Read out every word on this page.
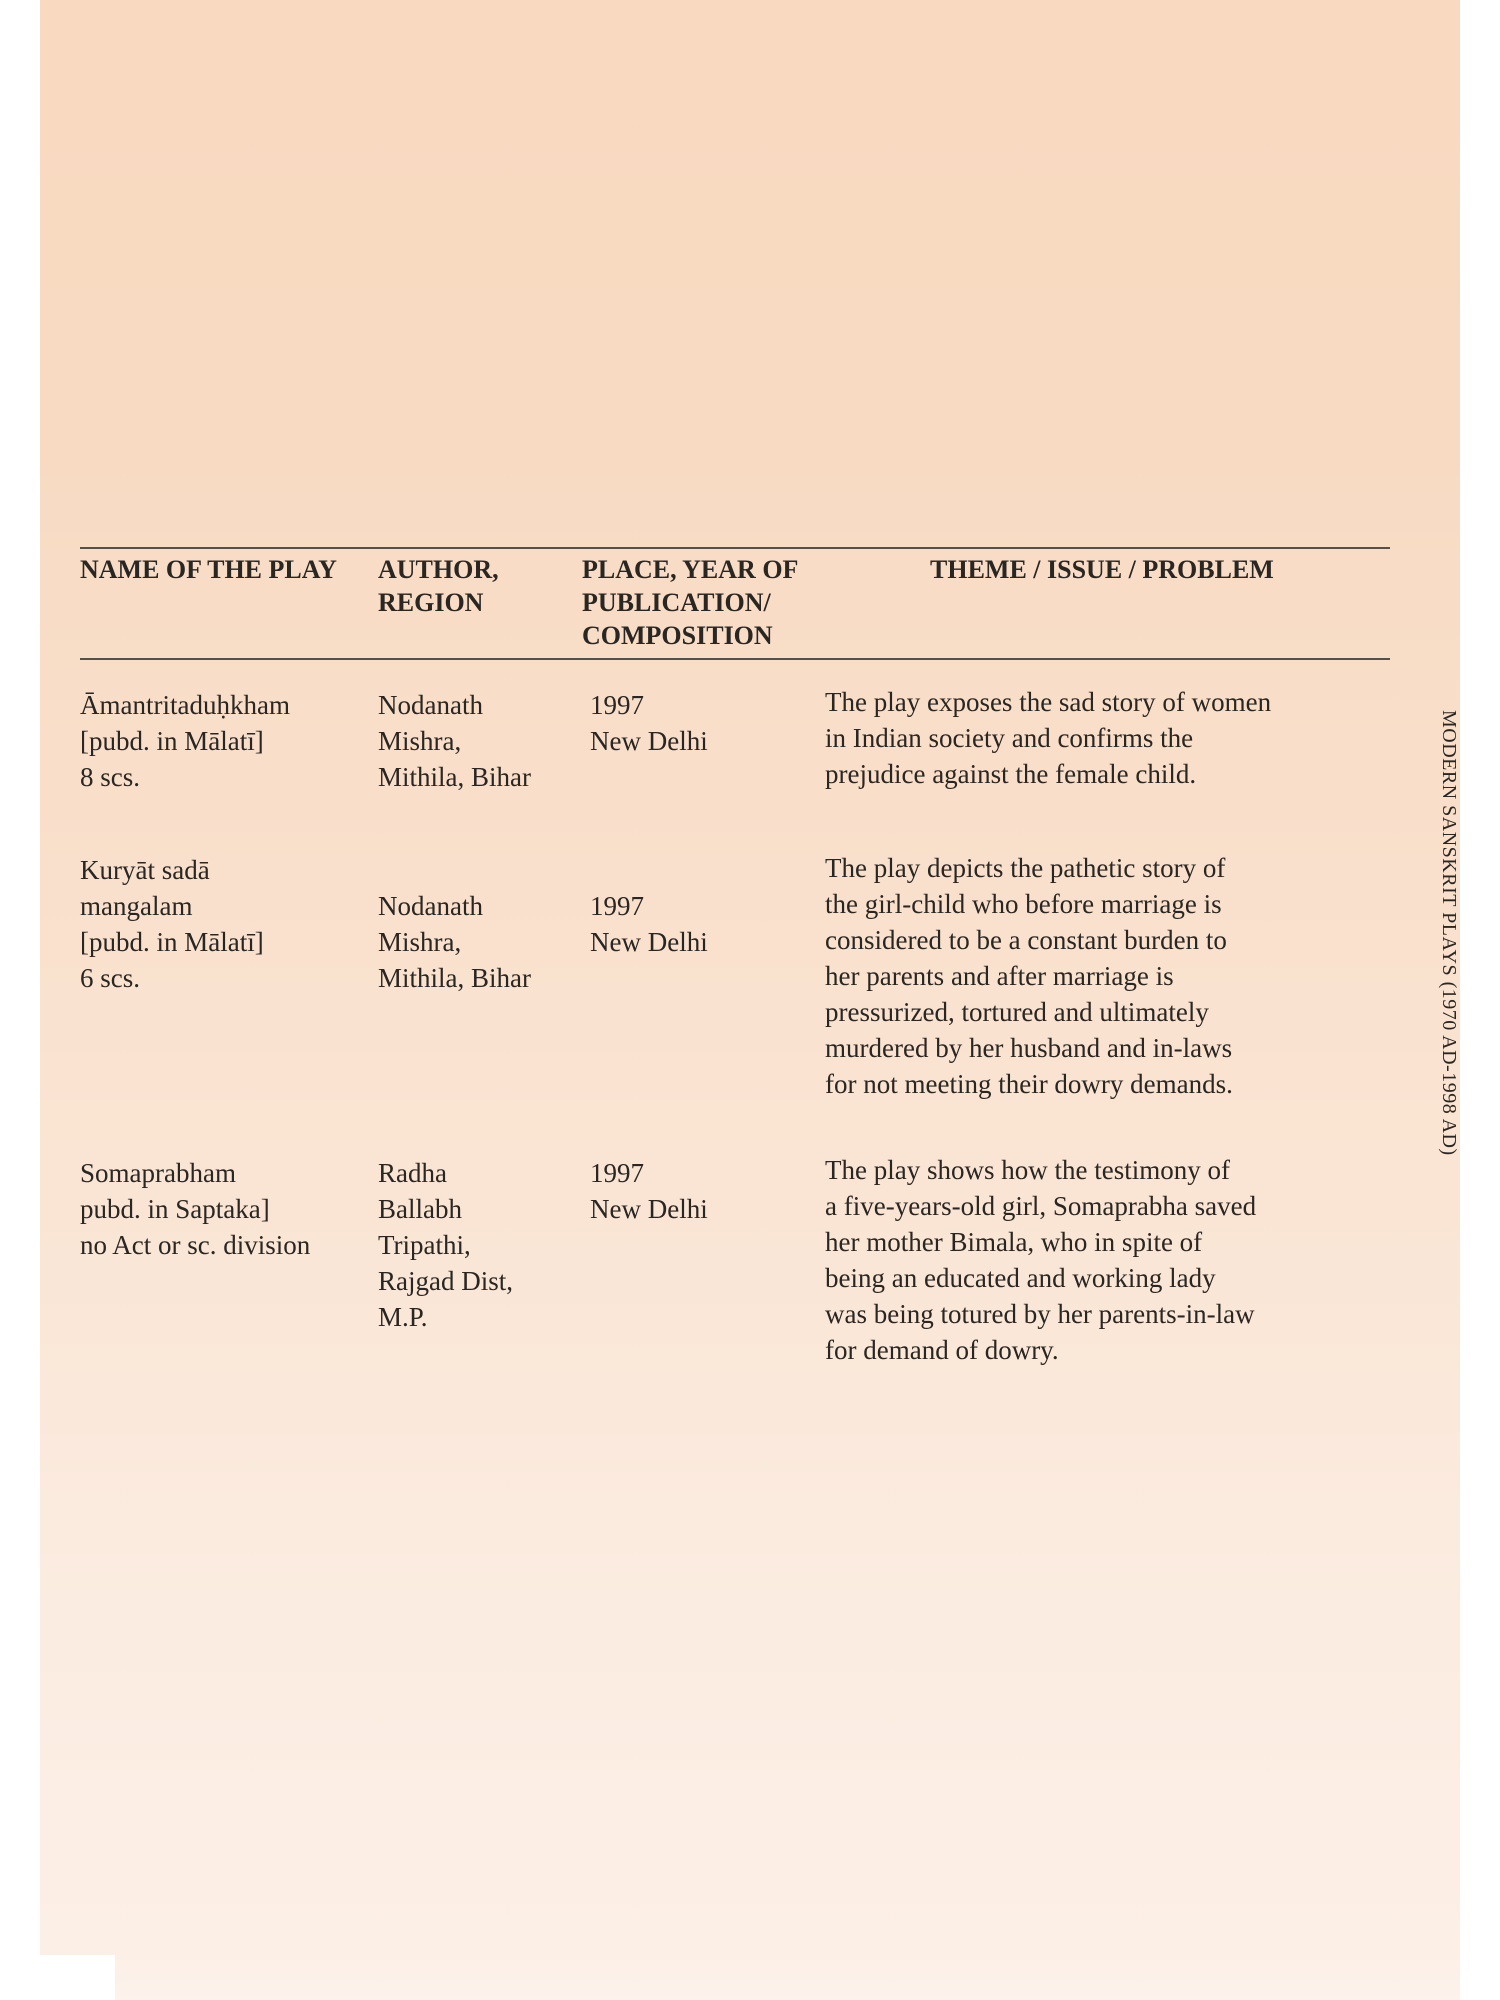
NAME OF THE PLAY	AUTHOR,
REGION
PLACE, YEAR OF
PUBLICATION/
COMPOSITION
THEME / ISSUE / PROBLEM
Āmantritaduḥkham
[pubd. in Mālatī]
8 scs.
Nodanath
Mishra,
Mithila, Bihar
1997
New Delhi
The play exposes the sad story of women
in Indian society and confirms the
prejudice against the female child.
Kuryāt sadā
mangalam
[pubd. in Mālatī]
6 scs.
Nodanath
Mishra,
Mithila, Bihar
1997
New Delhi
The play depicts the pathetic story of
the girl-child who before marriage is
considered to be a constant burden to
her parents and after marriage is
pressurized, tortured and ultimately
murdered by her husband and in-laws
for not meeting their dowry demands.
Somaprabham
pubd. in Saptaka]
no Act or sc. division
Radha
Ballabh
Tripathi,
Rajgad Dist,
M.P.
1997
New Delhi
The play shows how the testimony of
a five-years-old girl, Somaprabha saved
her mother Bimala, who in spite of
being an educated and working lady
was being totured by her parents-in-law
for demand of dowry.
MODERN SANSKRIT PLAYS (1970 AD-1998 AD)
